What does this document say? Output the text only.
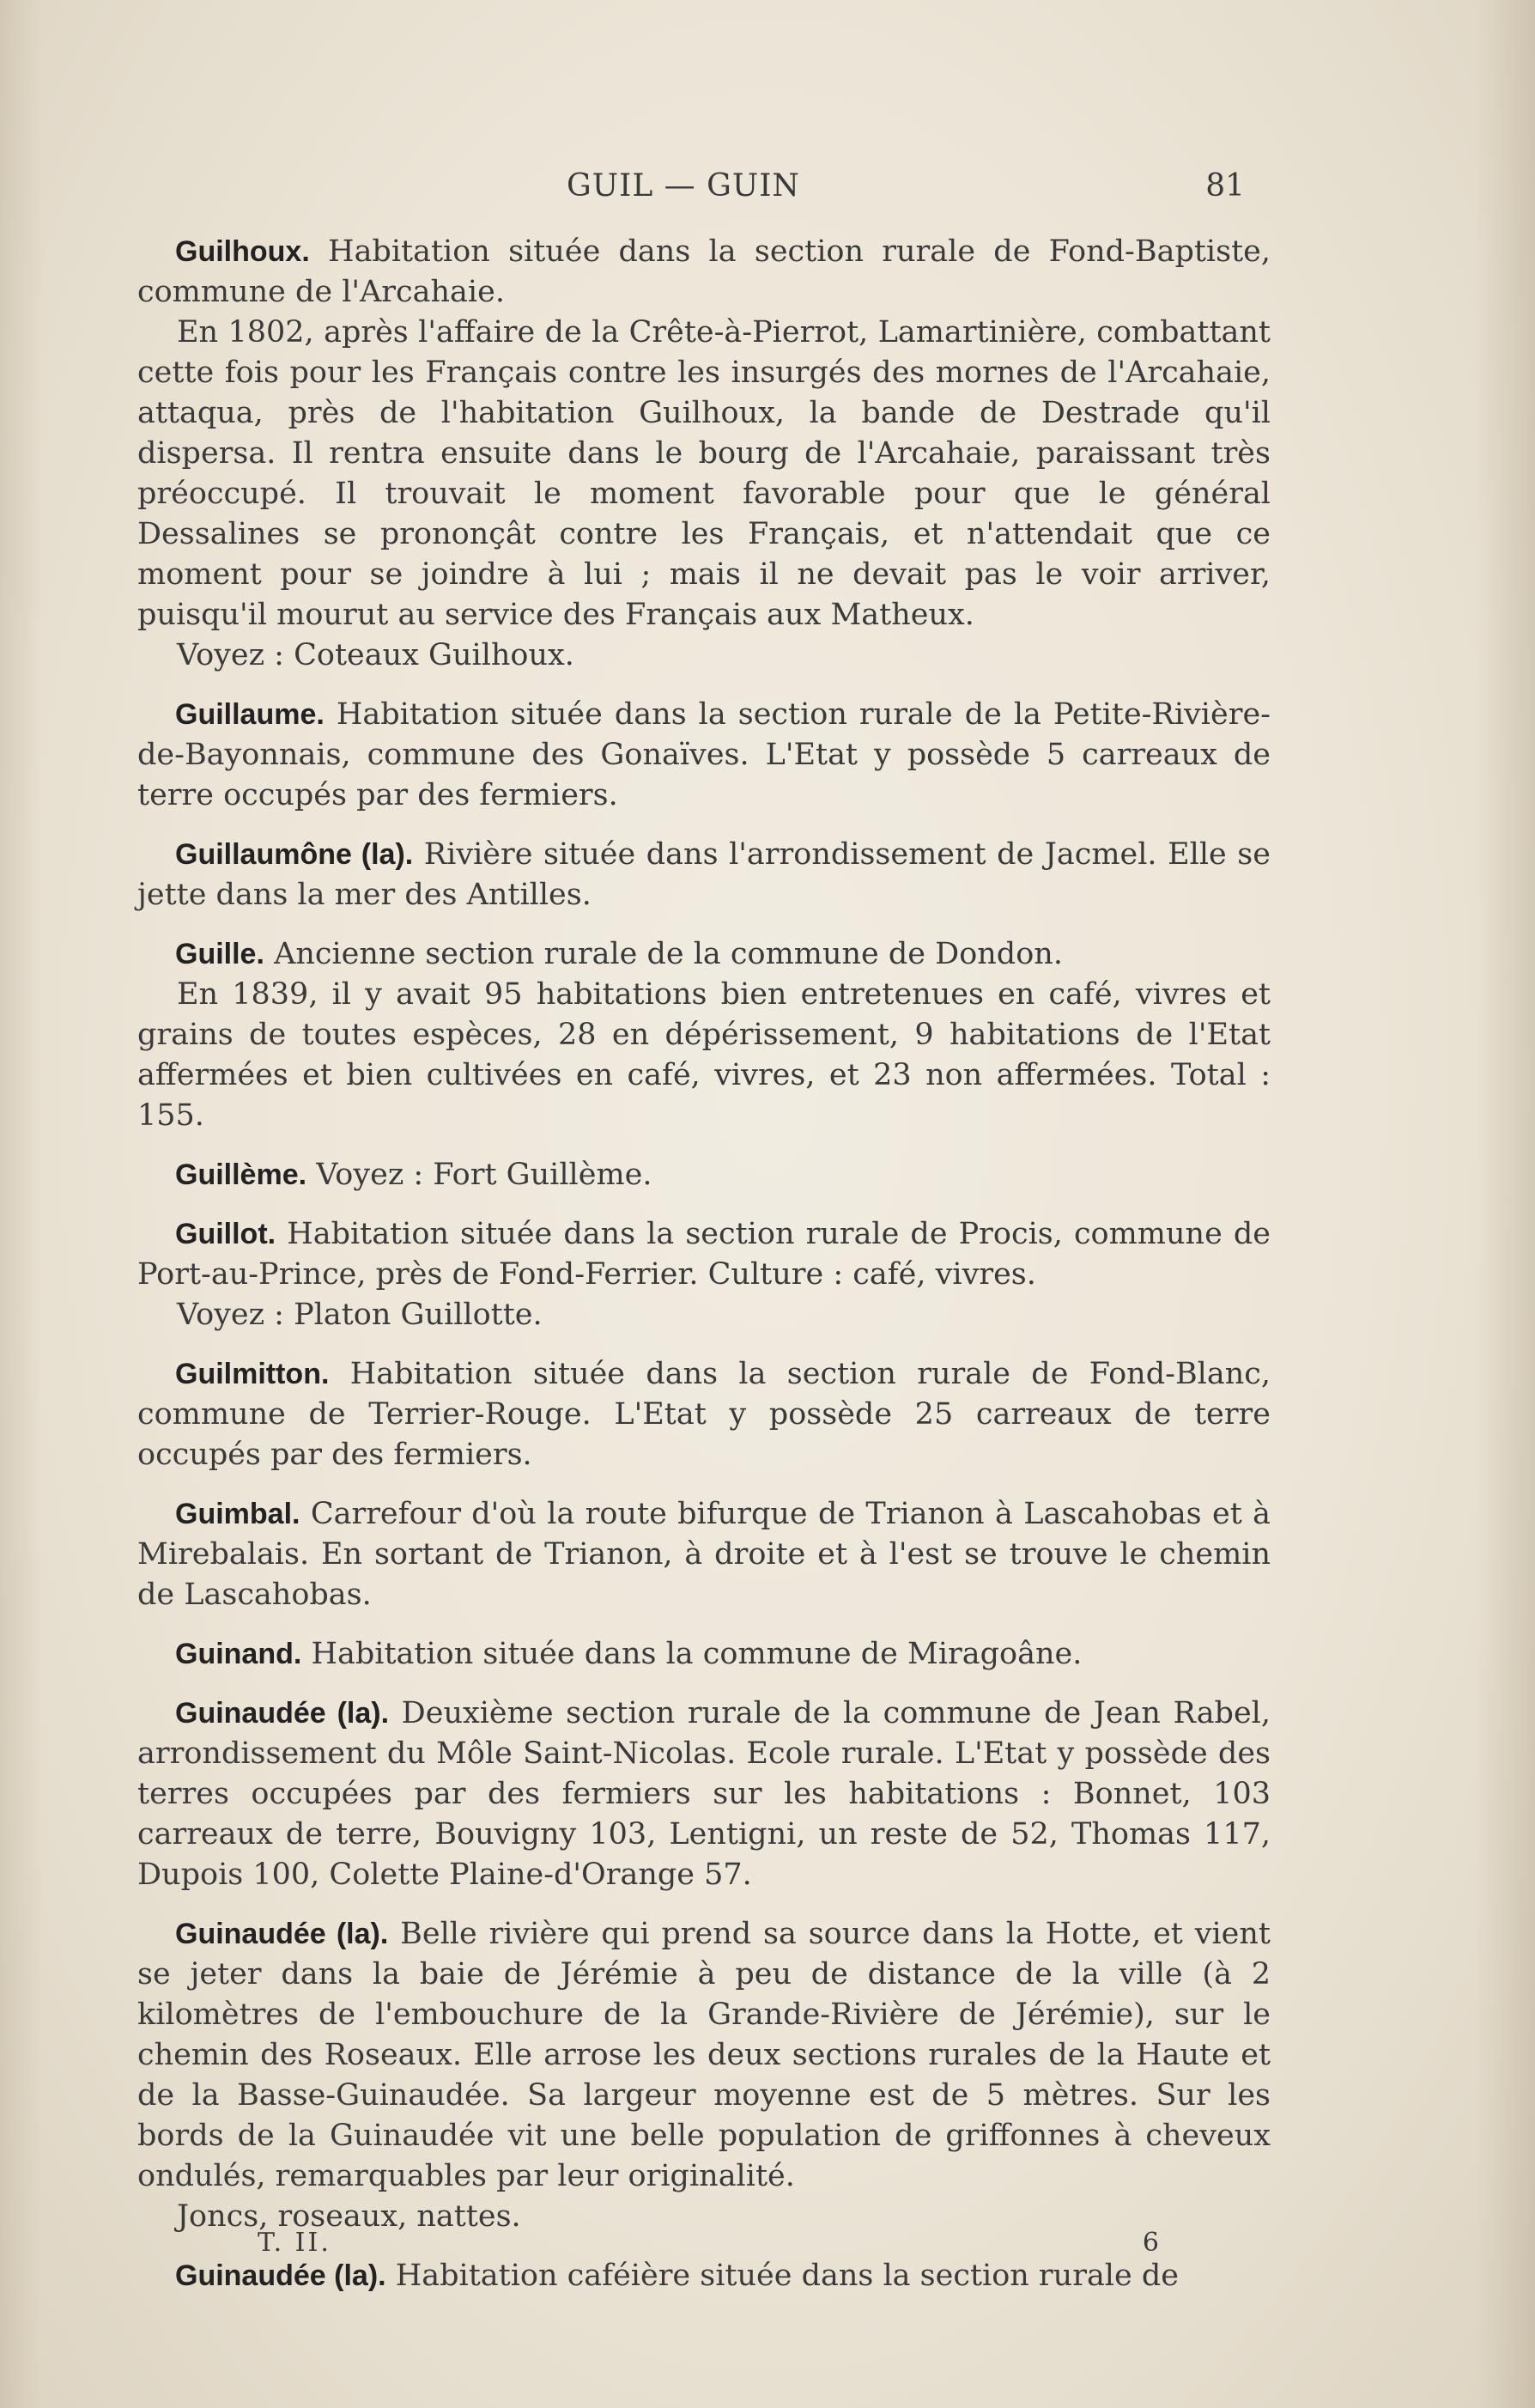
GUIL — GUIN	81

Guilhoux. Habitation située dans la section rurale de Fond-Baptiste, commune de l'Arcahaie.

En 1802, après l'affaire de la Crête-à-Pierrot, Lamartinière, combattant cette fois pour les Français contre les insurgés des mornes de l'Arcahaie, attaqua, près de l'habitation Guilhoux, la bande de Destrade qu'il dispersa. Il rentra ensuite dans le bourg de l'Arcahaie, paraissant très préoccupé. Il trouvait le moment favorable pour que le général Dessalines se prononçât contre les Français, et n'attendait que ce moment pour se joindre à lui ; mais il ne devait pas le voir arriver, puisqu'il mourut au service des Français aux Matheux.

Voyez : Coteaux Guilhoux.

Guillaume. Habitation située dans la section rurale de la Petite-Rivière-de-Bayonnais, commune des Gonaïves. L'Etat y possède 5 carreaux de terre occupés par des fermiers.

Guillaumône (la). Rivière située dans l'arrondissement de Jacmel. Elle se jette dans la mer des Antilles.

Guille. Ancienne section rurale de la commune de Dondon.

En 1839, il y avait 95 habitations bien entretenues en café, vivres et grains de toutes espèces, 28 en dépérissement, 9 habitations de l'Etat affermées et bien cultivées en café, vivres, et 23 non affermées. Total : 155.

Guillème. Voyez : Fort Guillème.

Guillot. Habitation située dans la section rurale de Procis, commune de Port-au-Prince, près de Fond-Ferrier. Culture : café, vivres.

Voyez : Platon Guillotte.

Guilmitton. Habitation située dans la section rurale de Fond-Blanc, commune de Terrier-Rouge. L'Etat y possède 25 carreaux de terre occupés par des fermiers.

Guimbal. Carrefour d'où la route bifurque de Trianon à Lascahobas et à Mirebalais. En sortant de Trianon, à droite et à l'est se trouve le chemin de Lascahobas.

Guinand. Habitation située dans la commune de Miragoâne.

Guinaudée (la). Deuxième section rurale de la commune de Jean Rabel, arrondissement du Môle Saint-Nicolas. Ecole rurale. L'Etat y possède des terres occupées par des fermiers sur les habitations : Bonnet, 103 carreaux de terre, Bouvigny 103, Lentigni, un reste de 52, Thomas 117, Dupois 100, Colette Plaine-d'Orange 57.

Guinaudée (la). Belle rivière qui prend sa source dans la Hotte, et vient se jeter dans la baie de Jérémie à peu de distance de la ville (à 2 kilomètres de l'embouchure de la Grande-Rivière de Jérémie), sur le chemin des Roseaux. Elle arrose les deux sections rurales de la Haute et de la Basse-Guinaudée. Sa largeur moyenne est de 5 mètres. Sur les bords de la Guinaudée vit une belle population de griffonnes à cheveux ondulés, remarquables par leur originalité.

Joncs, roseaux, nattes.

Guinaudée (la). Habitation caféière située dans la section rurale de

T. II.	6
